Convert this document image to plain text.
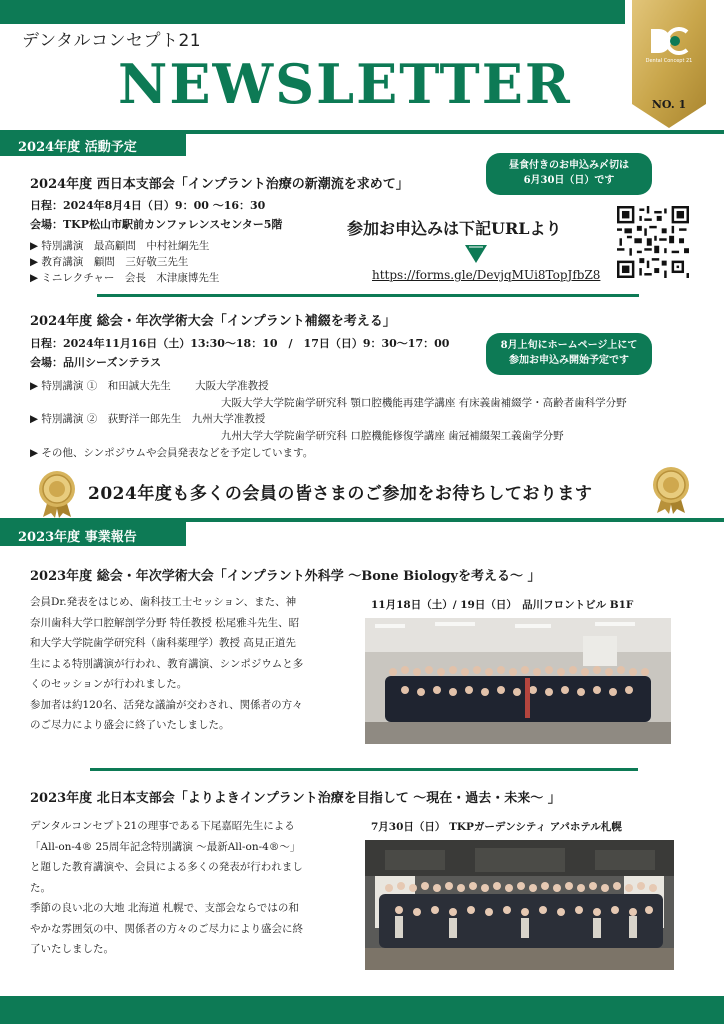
デンタルコンセプト21
NEWSLETTER	Dental Concept 21
NO. 1
2024年度 活動予定
2024年度 西日本支部会「インプラント治療の新潮流を求めて」
日程：2024年8月4日（日）9：00 ～16：30
会場：TKP松山市駅前カンファレンスセンター5階
▶ 特別講演　最高顧問　中村社綱先生
▶ 教育講演　顧問　三好敬三先生
▶ ミニレクチャー　会長　木津康博先生
昼食付きのお申込み〆切は
6月30日（日）です
参加お申込みは下記URLより
https://forms.gle/DevjqMUi8TopJfbZ8
2024年度 総会・年次学術大会「インプラント補綴を考える」
日程：2024年11月16日（土）13:30～18：10　/　17日（日）9：30～17：00
会場：品川シーズンテラス
8月上旬にホームページ上にて
参加お申込み開始予定です
▶ 特別講演 ①　和田誠大先生　　 大阪大学准教授
大阪大学大学院歯学研究科 顎口腔機能再建学講座 有床義歯補綴学・高齢者歯科学分野
▶ 特別講演 ②　荻野洋一郎先生　九州大学准教授
九州大学大学院歯学研究科 口腔機能修復学講座 歯冠補綴架工義歯学分野
▶ その他、シンポジウムや会員発表などを予定しています。
2024年度も多くの会員の皆さまのご参加をお待ちしております
2023年度 事業報告
2023年度 総会・年次学術大会「インプラント外科学 ～Bone Biologyを考える～ 」
会員Dr.発表をはじめ、歯科技工士セッション、また、神
奈川歯科大学口腔解剖学分野 特任教授 松尾雅斗先生、昭
和大学大学院歯学研究科（歯科薬理学）教授 高見正道先
生による特別講演が行われ、教育講演、シンポジウムと多
くのセッションが行われました。
参加者は約120名、活発な議論が交わされ、関係者の方々
のご尽力により盛会に終了いたしました。
11月18日（土）/ 19日（日）　品川フロントビル B1F
2023年度 北日本支部会「よりよきインプラント治療を目指して ～現在・過去・未来～ 」
デンタルコンセプト21の理事である下尾嘉昭先生による
「All-on-4® 25周年記念特別講演 ～最新All-on-4®～」
と題した教育講演や、会員による多くの発表が行われまし
た。
季節の良い北の大地 北海道 札幌で、支部会ならではの和
やかな雰囲気の中、関係者の方々のご尽力により盛会に終
了いたしました。
7月30日（日） TKPガーデンシティ アパホテル札幌
